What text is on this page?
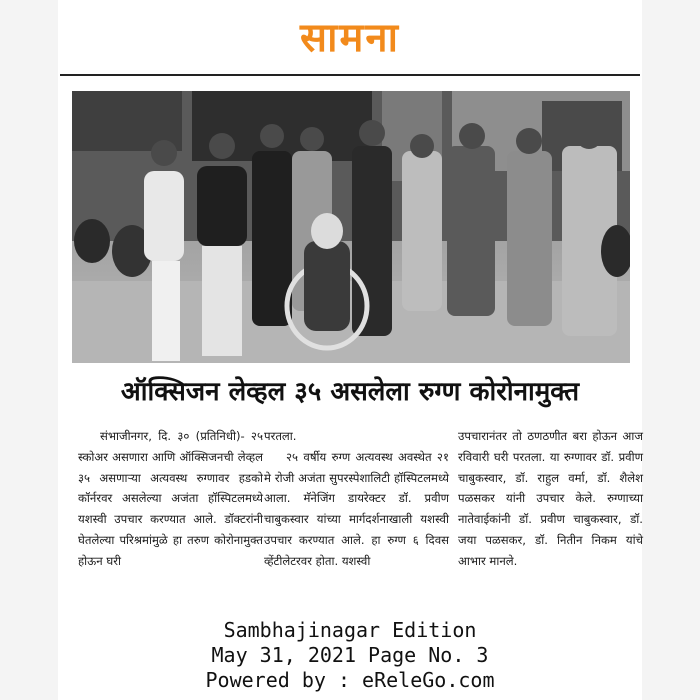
सामना
ऑक्सिजन लेव्हल ३५ असलेला रुग्ण कोरोनामुक्त

संभाजीनगर, दि. ३० (प्रतिनिधी)- २५ स्कोअर असणारा आणि ऑक्सिजनची लेव्हल ३५ असणाऱ्या अत्यवस्थ रुग्णावर हडको कॉर्नरवर असलेल्या अजंता हॉस्पिटलमध्ये यशस्वी उपचार करण्यात आले. डॉक्टरांनी घेतलेल्या परिश्रमांमुळे हा तरुण कोरोनामुक्त होऊन घरी

परतला.

२५ वर्षीय रुग्ण अत्यवस्थ अवस्थेत २१ मे रोजी अजंता सुपरस्पेशालिटी हॉस्पिटलमध्ये आला. मॅनेजिंग डायरेक्टर डॉ. प्रवीण चाबुकस्वार यांच्या मार्गदर्शनाखाली यशस्वी उपचार करण्यात आले. हा रुग्ण ६ दिवस व्हेंटीलेटरवर होता. यशस्वी

उपचारानंतर तो ठणठणीत बरा होऊन आज रविवारी घरी परतला. या रुग्णावर डॉ. प्रवीण चाबुकस्वार, डॉ. राहुल वर्मा, डॉ. शैलेश पळसकर यांनी उपचार केले. रुग्णाच्या नातेवाईकांनी डॉ. प्रवीण चाबुकस्वार, डॉ. जया पळसकर, डॉ. नितीन निकम यांचे आभार मानले.
Sambhajinagar Edition
May 31, 2021 Page No. 3
Powered by : eReleGo.com
